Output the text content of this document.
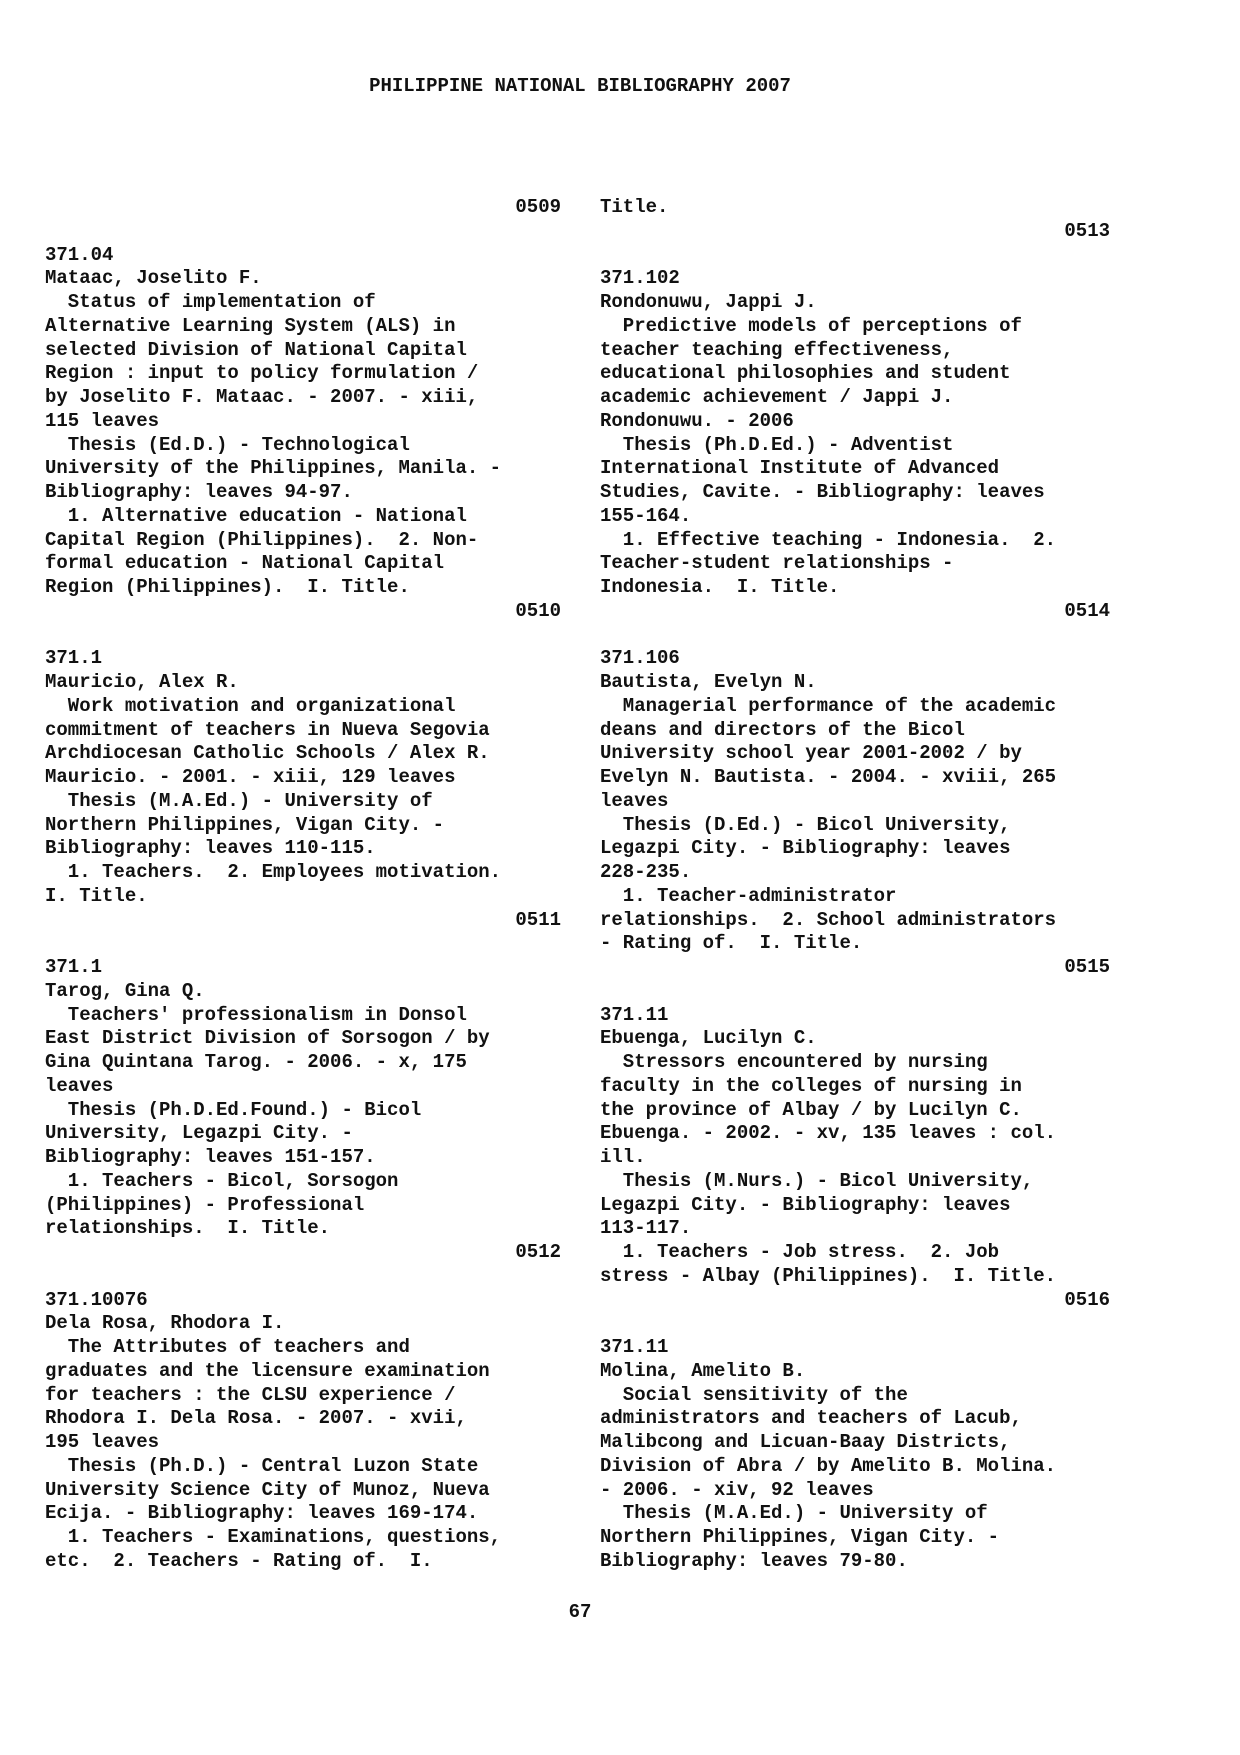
PHILIPPINE NATIONAL BIBLIOGRAPHY 2007
0509
371.04
Mataac, Joselito F.
Status of implementation of
Alternative Learning System (ALS) in
selected Division of National Capital
Region : input to policy formulation /
by Joselito F. Mataac. - 2007. - xiii,
115 leaves
Thesis (Ed.D.) - Technological
University of the Philippines, Manila. -
Bibliography: leaves 94-97.
1. Alternative education - National
Capital Region (Philippines).  2. Non-
formal education - National Capital
Region (Philippines).  I. Title.
0510
371.1
Mauricio, Alex R.
Work motivation and organizational
commitment of teachers in Nueva Segovia
Archdiocesan Catholic Schools / Alex R.
Mauricio. - 2001. - xiii, 129 leaves
Thesis (M.A.Ed.) - University of
Northern Philippines, Vigan City. -
Bibliography: leaves 110-115.
1. Teachers.  2. Employees motivation.
I. Title.
0511
371.1
Tarog, Gina Q.
Teachers' professionalism in Donsol
East District Division of Sorsogon / by
Gina Quintana Tarog. - 2006. - x, 175
leaves
Thesis (Ph.D.Ed.Found.) - Bicol
University, Legazpi City. -
Bibliography: leaves 151-157.
1. Teachers - Bicol, Sorsogon
(Philippines) - Professional
relationships.  I. Title.
0512
371.10076
Dela Rosa, Rhodora I.
The Attributes of teachers and
graduates and the licensure examination
for teachers : the CLSU experience /
Rhodora I. Dela Rosa. - 2007. - xvii,
195 leaves
Thesis (Ph.D.) - Central Luzon State
University Science City of Munoz, Nueva
Ecija. - Bibliography: leaves 169-174.
1. Teachers - Examinations, questions,
etc.  2. Teachers - Rating of.  I.
Title.
0513
371.102
Rondonuwu, Jappi J.
Predictive models of perceptions of
teacher teaching effectiveness,
educational philosophies and student
academic achievement / Jappi J.
Rondonuwu. - 2006
Thesis (Ph.D.Ed.) - Adventist
International Institute of Advanced
Studies, Cavite. - Bibliography: leaves
155-164.
1. Effective teaching - Indonesia.  2.
Teacher-student relationships -
Indonesia.  I. Title.
0514
371.106
Bautista, Evelyn N.
Managerial performance of the academic
deans and directors of the Bicol
University school year 2001-2002 / by
Evelyn N. Bautista. - 2004. - xviii, 265
leaves
Thesis (D.Ed.) - Bicol University,
Legazpi City. - Bibliography: leaves
228-235.
1. Teacher-administrator
relationships.  2. School administrators
- Rating of.  I. Title.
0515
371.11
Ebuenga, Lucilyn C.
Stressors encountered by nursing
faculty in the colleges of nursing in
the province of Albay / by Lucilyn C.
Ebuenga. - 2002. - xv, 135 leaves : col.
ill.
Thesis (M.Nurs.) - Bicol University,
Legazpi City. - Bibliography: leaves
113-117.
1. Teachers - Job stress.  2. Job
stress - Albay (Philippines).  I. Title.
0516
371.11
Molina, Amelito B.
Social sensitivity of the
administrators and teachers of Lacub,
Malibcong and Licuan-Baay Districts,
Division of Abra / by Amelito B. Molina.
- 2006. - xiv, 92 leaves
Thesis (M.A.Ed.) - University of
Northern Philippines, Vigan City. -
Bibliography: leaves 79-80.
67
